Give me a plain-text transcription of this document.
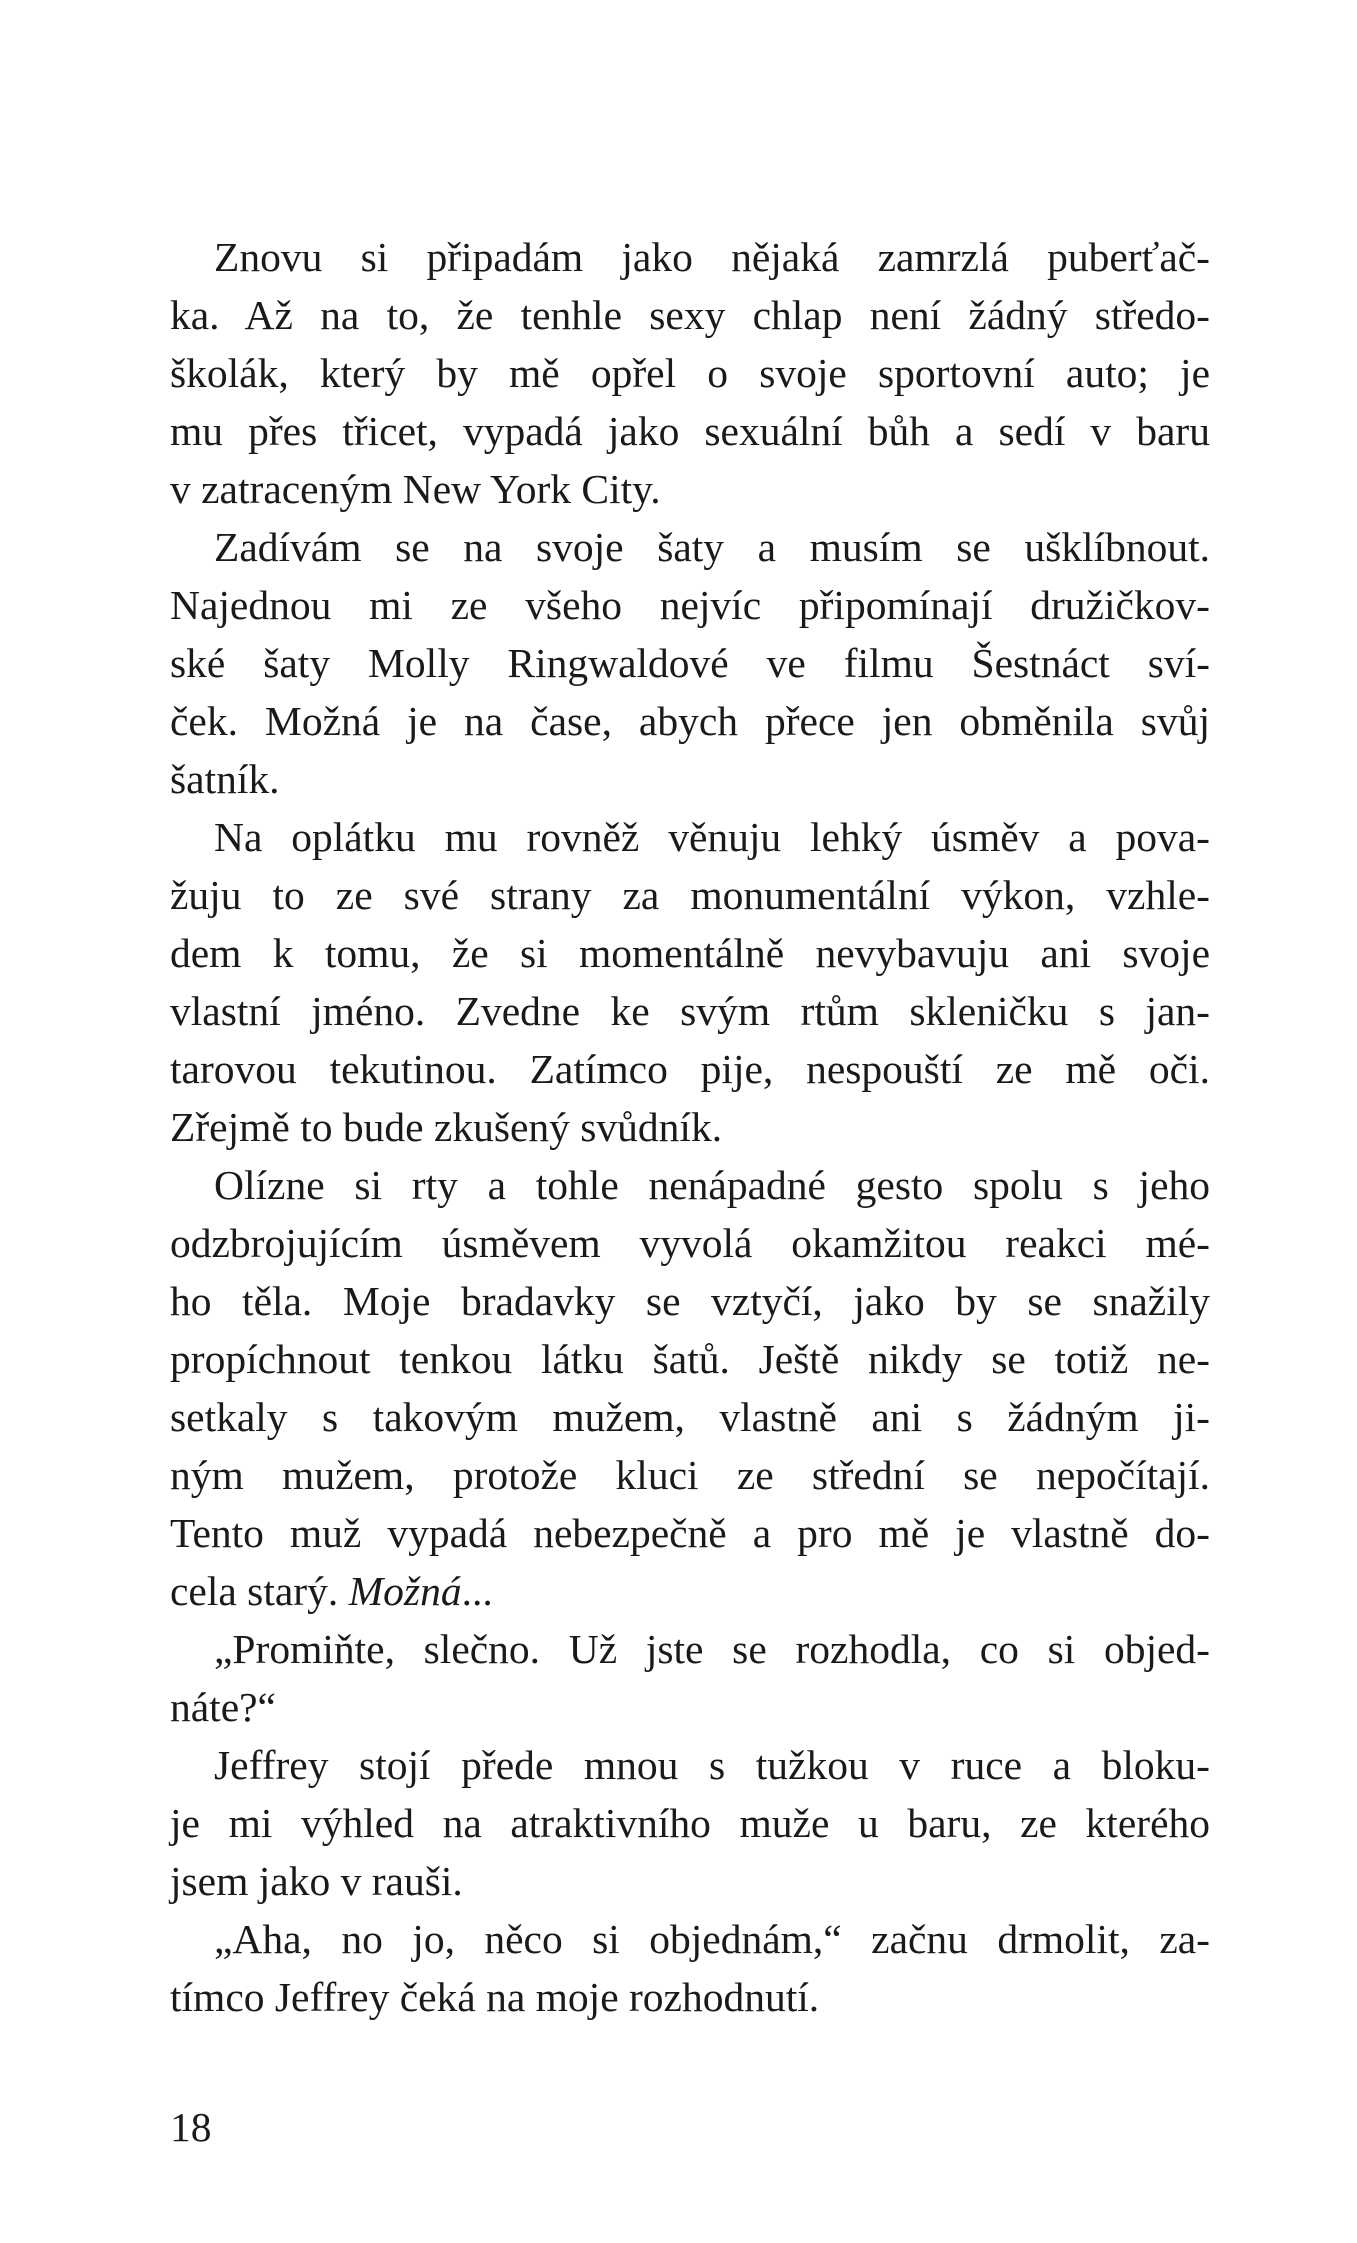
Znovu si připadám jako nějaká zamrzlá puberťač-
ka. Až na to, že tenhle sexy chlap není žádný středo-
školák, který by mě opřel o svoje sportovní auto; je
mu přes třicet, vypadá jako sexuální bůh a sedí v baru
v zatraceným New York City.
Zadívám se na svoje šaty a musím se ušklíbnout.
Najednou mi ze všeho nejvíc připomínají družičkov-
ské šaty Molly Ringwaldové ve filmu Šestnáct sví-
ček. Možná je na čase, abych přece jen obměnila svůj
šatník.
Na oplátku mu rovněž věnuju lehký úsměv a pova-
žuju to ze své strany za monumentální výkon, vzhle-
dem k tomu, že si momentálně nevybavuju ani svoje
vlastní jméno. Zvedne ke svým rtům skleničku s jan-
tarovou tekutinou. Zatímco pije, nespouští ze mě oči.
Zřejmě to bude zkušený svůdník.
Olízne si rty a tohle nenápadné gesto spolu s jeho
odzbrojujícím úsměvem vyvolá okamžitou reakci mé-
ho těla. Moje bradavky se vztyčí, jako by se snažily
propíchnout tenkou látku šatů. Ještě nikdy se totiž ne-
setkaly s takovým mužem, vlastně ani s žádným ji-
ným mužem, protože kluci ze střední se nepočítají.
Tento muž vypadá nebezpečně a pro mě je vlastně do-
cela starý. Možná...
„Promiňte, slečno. Už jste se rozhodla, co si objed-
náte?“
Jeffrey stojí přede mnou s tužkou v ruce a bloku-
je mi výhled na atraktivního muže u baru, ze kterého
jsem jako v rauši.
„Aha, no jo, něco si objednám,“ začnu drmolit, za-
tímco Jeffrey čeká na moje rozhodnutí.
18
